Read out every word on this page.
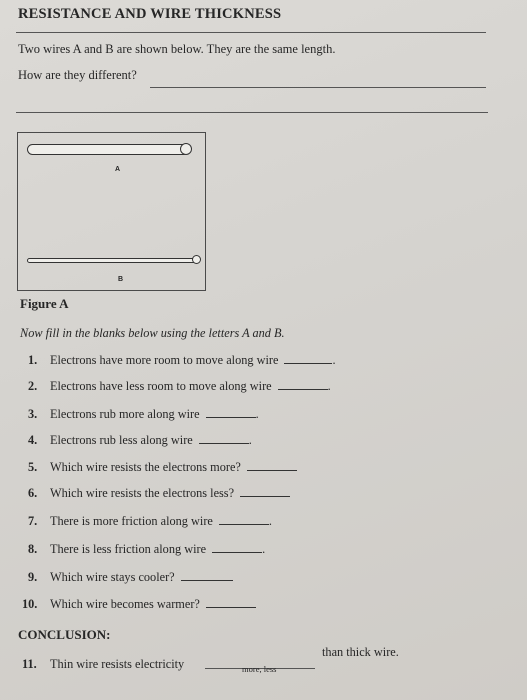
RESISTANCE AND WIRE THICKNESS
Two wires A and B are shown below. They are the same length.
How are they different?
A
B
Figure A
Now fill in the blanks below using the letters A and B.
1. Electrons have more room to move along wire	.
2. Electrons have less room to move along wire	.
3. Electrons rub more along wire	.
4. Electrons rub less along wire	.
5. Which wire resists the electrons more?
6. Which wire resists the electrons less?
7. There is more friction along wire	.
8. There is less friction along wire	.
9. Which wire stays cooler?
10. Which wire becomes warmer?
CONCLUSION:
11. Thin wire resists electricity	more, less
than thick wire.
